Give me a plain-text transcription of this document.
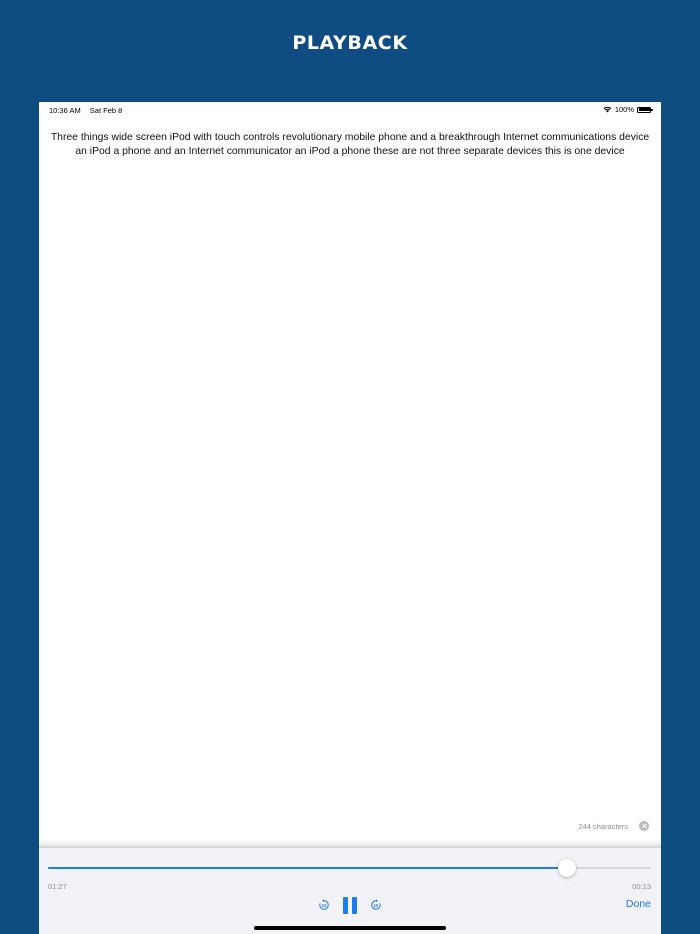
PLAYBACK
10:36 AM Sat Feb 8	100%
Three things wide screen iPod with touch controls revolutionary mobile phone and a breakthrough Internet communications device an iPod a phone and an Internet communicator an iPod a phone these are not three separate devices this is one device
244 characters
01:27	00:13
10	10	Done
